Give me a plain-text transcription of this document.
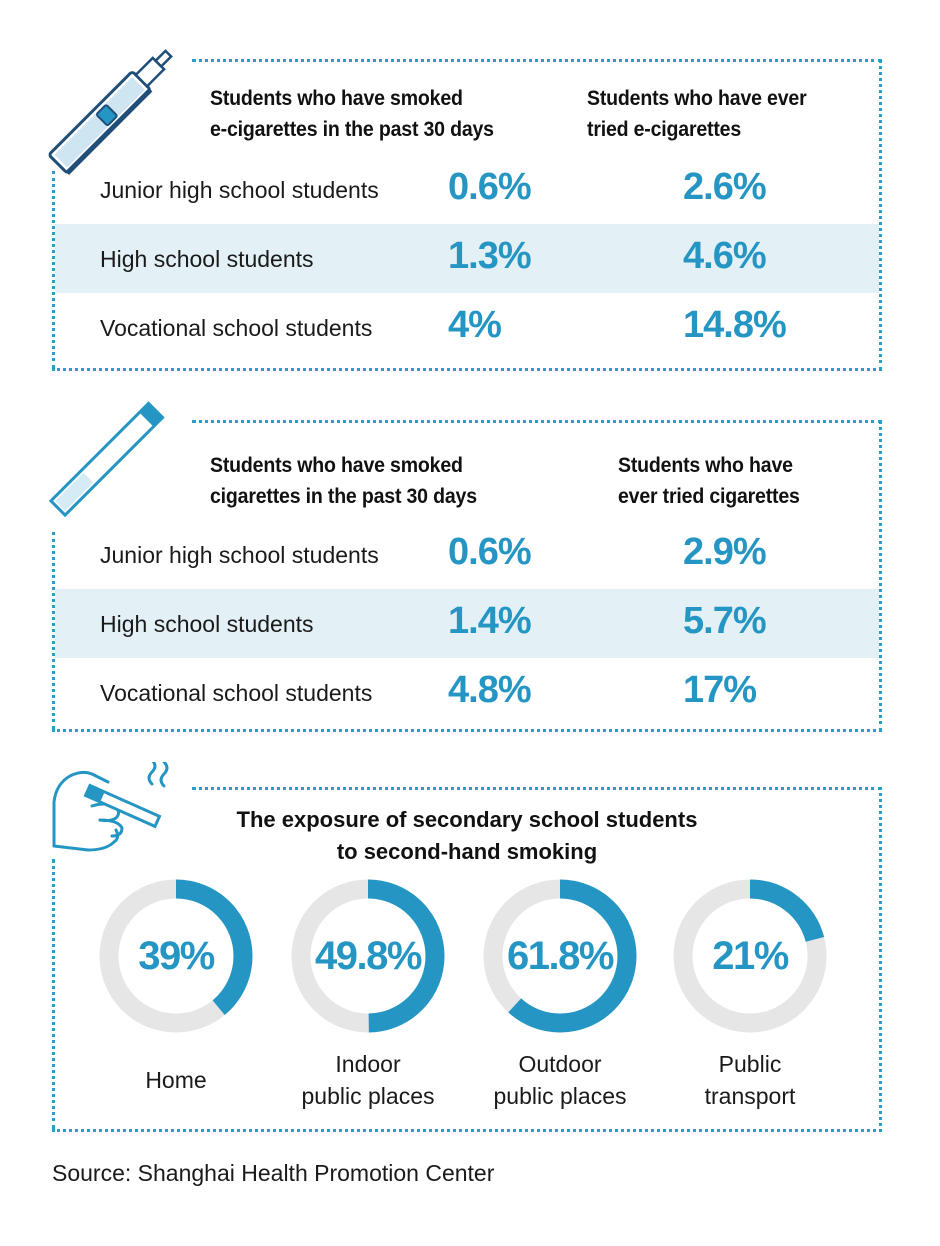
Students who have smoked
e-cigarettes in the past 30 days
Students who have ever
tried e-cigarettes
Junior high school students 0.6%	2.6%
High school students	1.3%	4.6%
Vocational school students 4%	14.8%
Students who have smoked
cigarettes in the past 30 days
Students who have
ever tried cigarettes
Junior high school students 0.6%	2.9%
High school students	1.4%	5.7%
Vocational school students 4.8%	17%
The exposure of secondary school students
to second-hand smoking
39%
Home
49.8%
Indoor
public places
61.8%
Outdoor
public places
21%
Public
transport
Source: Shanghai Health Promotion Center
